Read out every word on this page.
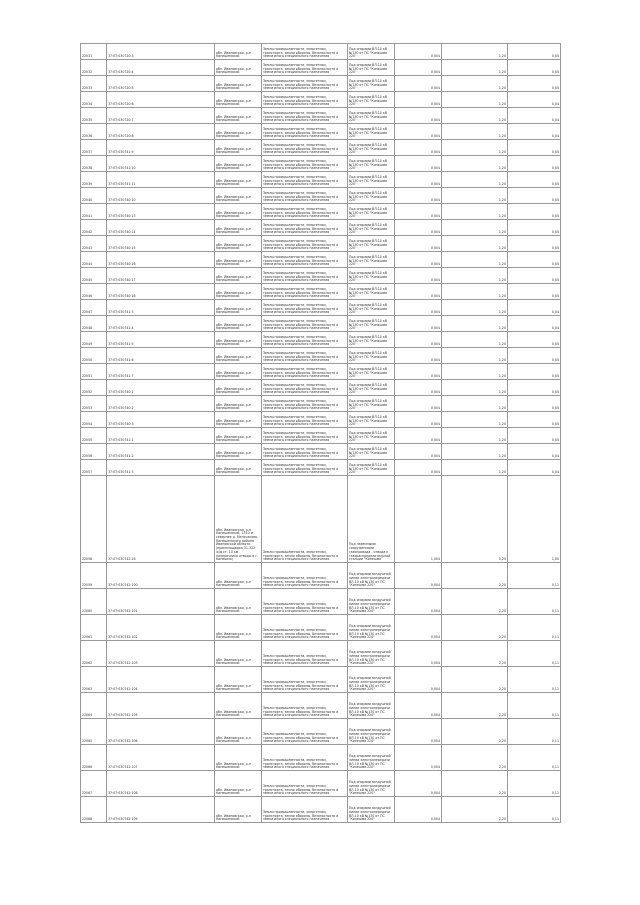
22031	37:07:030720:3	обл. Ивановская, р-н Кинешемский	Земли промышленности, энергетики, транспорта, земли обороны, безопасности и земли иного специального назначения	Под опорами ВЛ-10 кВ №130 от ПС "Кинешма 220"	0,004	1,20	0,05

22032	37:07:030720:4	обл. Ивановская, р-н Кинешемский	Земли промышленности, энергетики, транспорта, земли обороны, безопасности и земли иного специального назначения	Под опорами ВЛ-10 кВ №130 от ПС "Кинешма 220"	0,004	1,20	0,05

22033	37:07:030720:5	обл. Ивановская, р-н Кинешемский	Земли промышленности, энергетики, транспорта, земли обороны, безопасности и земли иного специального назначения	Под опорами ВЛ-10 кВ №130 от ПС "Кинешма 220"	0,004	1,20	0,05

22034	37:07:030720:6	обл. Ивановская, р-н Кинешемский	Земли промышленности, энергетики, транспорта, земли обороны, безопасности и земли иного специального назначения	Под опорами ВЛ-10 кВ №130 от ПС "Кинешма 220"	0,004	1,20	0,04

22035	37:07:030720:7	обл. Ивановская, р-н Кинешемский	Земли промышленности, энергетики, транспорта, земли обороны, безопасности и земли иного специального назначения	Под опорами ВЛ-10 кВ №130 от ПС "Кинешма 220"	0,004	1,20	0,04

22036	37:07:030720:8	обл. Ивановская, р-н Кинешемский	Земли промышленности, энергетики, транспорта, земли обороны, безопасности и земли иного специального назначения	Под опорами ВЛ-10 кВ №130 от ПС "Кинешма 220"	0,004	1,20	0,04

22037	37:07:030741:9	обл. Ивановская, р-н Кинешемский	Земли промышленности, энергетики, транспорта, земли обороны, безопасности и земли иного специального назначения	Под опорами ВЛ-10 кВ №130 от ПС "Кинешма 220"	0,004	1,20	0,05

22038	37:07:030741:10	обл. Ивановская, р-н Кинешемский	Земли промышленности, энергетики, транспорта, земли обороны, безопасности и земли иного специального назначения	Под опорами ВЛ-10 кВ №130 от ПС "Кинешма 220"	0,004	1,20	0,05

22039	37:07:030741:11	обл. Ивановская, р-н Кинешемский	Земли промышленности, энергетики, транспорта, земли обороны, безопасности и земли иного специального назначения	Под опорами ВЛ-10 кВ №130 от ПС "Кинешма 220"	0,004	1,20	0,05

22040	37:07:030740:10	обл. Ивановская, р-н Кинешемский	Земли промышленности, энергетики, транспорта, земли обороны, безопасности и земли иного специального назначения	Под опорами ВЛ-10 кВ №130 от ПС "Кинешма 220"	0,004	1,20	0,05

22041	37:07:030740:13	обл. Ивановская, р-н Кинешемский	Земли промышленности, энергетики, транспорта, земли обороны, безопасности и земли иного специального назначения	Под опорами ВЛ-10 кВ №130 от ПС "Кинешма 220"	0,004	1,20	0,05

22042	37:07:030740:14	обл. Ивановская, р-н Кинешемский	Земли промышленности, энергетики, транспорта, земли обороны, безопасности и земли иного специального назначения	Под опорами ВЛ-10 кВ №130 от ПС "Кинешма 220"	0,004	1,20	0,05

22043	37:07:030740:15	обл. Ивановская, р-н Кинешемский	Земли промышленности, энергетики, транспорта, земли обороны, безопасности и земли иного специального назначения	Под опорами ВЛ-10 кВ №130 от ПС "Кинешма 220"	0,004	1,20	0,05

22044	37:07:030740:16	обл. Ивановская, р-н Кинешемский	Земли промышленности, энергетики, транспорта, земли обороны, безопасности и земли иного специального назначения	Под опорами ВЛ-10 кВ №130 от ПС "Кинешма 220"	0,004	1,20	0,05

22045	37:07:030740:17	обл. Ивановская, р-н Кинешемский	Земли промышленности, энергетики, транспорта, земли обороны, безопасности и земли иного специального назначения	Под опорами ВЛ-10 кВ №130 от ПС "Кинешма 220"	0,004	1,20	0,05

22046	37:07:030740:18	обл. Ивановская, р-н Кинешемский	Земли промышленности, энергетики, транспорта, земли обороны, безопасности и земли иного специального назначения	Под опорами ВЛ-10 кВ №130 от ПС "Кинешма 220"	0,004	1,20	0,05

22047	37:07:030741:3	обл. Ивановская, р-н Кинешемский	Земли промышленности, энергетики, транспорта, земли обороны, безопасности и земли иного специального назначения	Под опорами ВЛ-10 кВ №130 от ПС "Кинешма 220"	0,004	1,20	0,04

22048	37:07:030741:4	обл. Ивановская, р-н Кинешемский	Земли промышленности, энергетики, транспорта, земли обороны, безопасности и земли иного специального назначения	Под опорами ВЛ-10 кВ №130 от ПС "Кинешма 220"	0,004	1,20	0,04

22049	37:07:030741:5	обл. Ивановская, р-н Кинешемский	Земли промышленности, энергетики, транспорта, земли обороны, безопасности и земли иного специального назначения	Под опорами ВЛ-10 кВ №130 от ПС "Кинешма 220"	0,004	1,20	0,05

22050	37:07:030741:6	обл. Ивановская, р-н Кинешемский	Земли промышленности, энергетики, транспорта, земли обороны, безопасности и земли иного специального назначения	Под опорами ВЛ-10 кВ №130 от ПС "Кинешма 220"	0,004	1,20	0,05

22051	37:07:030741:7	обл. Ивановская, р-н Кинешемский	Земли промышленности, энергетики, транспорта, земли обороны, безопасности и земли иного специального назначения	Под опорами ВЛ-10 кВ №130 от ПС "Кинешма 220"	0,004	1,20	0,05

22052	37:07:030740:1	обл. Ивановская, р-н Кинешемский	Земли промышленности, энергетики, транспорта, земли обороны, безопасности и земли иного специального назначения	Под опорами ВЛ-10 кВ №130 от ПС "Кинешма 220"	0,004	1,20	0,05

22053	37:07:030740:2	обл. Ивановская, р-н Кинешемский	Земли промышленности, энергетики, транспорта, земли обороны, безопасности и земли иного специального назначения	Под опорами ВЛ-10 кВ №130 от ПС "Кинешма 220"	0,004	1,20	0,05

22054	37:07:030740:3	обл. Ивановская, р-н Кинешемский	Земли промышленности, энергетики, транспорта, земли обороны, безопасности и земли иного специального назначения	Под опорами ВЛ-10 кВ №130 от ПС "Кинешма 220"	0,004	1,20	0,05

22055	37:07:030741:1	обл. Ивановская, р-н Кинешемский	Земли промышленности, энергетики, транспорта, земли обороны, безопасности и земли иного специального назначения	Под опорами ВЛ-10 кВ №130 от ПС "Кинешма 220"	0,004	1,20	0,05

22056	37:07:030741:2	обл. Ивановская, р-н Кинешемский	Земли промышленности, энергетики, транспорта, земли обороны, безопасности и земли иного специального назначения	Под опорами ВЛ-10 кВ №130 от ПС "Кинешма 220"	0,004	1,20	0,04

22057	37:07:030741:3	обл. Ивановская, р-н Кинешемский	Земли промышленности, энергетики, транспорта, земли обороны, безопасности и земли иного специального назначения	Под опорами ВЛ-10 кВ №130 от ПС "Кинешма 220"	0,004	1,20	0,04

22058	37:07:030742:16	обл. Ивановская, р-н Кинешемский, 1310 м севернее д. Мельчаково, Кинешемского района Ивановской области (промплощадка 31-322 ж/д ст. 10 км поперечника отводы в г. Кинешма)	Земли промышленности, энергетики, транспорта, земли обороны, безопасности и земли иного специального назначения	Под наземными сооружениями газопровода - отвода к газораспределительной станции "Кинешма"	1,004	0,25	1,00

22059	37:07:030742:100	обл. Ивановская, р-н Кинешемский	Земли промышленности, энергетики, транспорта, земли обороны, безопасности и земли иного специального назначения	Под опорами воздушной линии электропередачи ВЛ-10 кВ №130 от ПС "Кинешма 220"	0,004	2,20	0,11

22060	37:07:030742:101	обл. Ивановская, р-н Кинешемский	Земли промышленности, энергетики, транспорта, земли обороны, безопасности и земли иного специального назначения	Под опорами воздушной линии электропередачи ВЛ-10 кВ №130 от ПС "Кинешма 220"	0,004	2,20	0,11

22061	37:07:030742:102	обл. Ивановская, р-н Кинешемский	Земли промышленности, энергетики, транспорта, земли обороны, безопасности и земли иного специального назначения	Под опорами воздушной линии электропередачи ВЛ-10 кВ №130 от ПС "Кинешма 220"	0,004	2,20	0,11

22062	37:07:030742:103	обл. Ивановская, р-н Кинешемский	Земли промышленности, энергетики, транспорта, земли обороны, безопасности и земли иного специального назначения	Под опорами воздушной линии электропередачи ВЛ-10 кВ №130 от ПС "Кинешма 220"	0,004	2,20	0,11

22063	37:07:030742:104	обл. Ивановская, р-н Кинешемский	Земли промышленности, энергетики, транспорта, земли обороны, безопасности и земли иного специального назначения	Под опорами воздушной линии электропередачи ВЛ-10 кВ №130 от ПС "Кинешма 220"	0,004	2,20	0,11

22064	37:07:030742:105	обл. Ивановская, р-н Кинешемский	Земли промышленности, энергетики, транспорта, земли обороны, безопасности и земли иного специального назначения	Под опорами воздушной линии электропередачи ВЛ-10 кВ №130 от ПС "Кинешма 220"	0,004	2,20	0,11

22065	37:07:030742:106	обл. Ивановская, р-н Кинешемский	Земли промышленности, энергетики, транспорта, земли обороны, безопасности и земли иного специального назначения	Под опорами воздушной линии электропередачи ВЛ-10 кВ №130 от ПС "Кинешма 220"	0,004	2,20	0,11

22066	37:07:030742:107	обл. Ивановская, р-н Кинешемский	Земли промышленности, энергетики, транспорта, земли обороны, безопасности и земли иного специального назначения	Под опорами воздушной линии электропередачи ВЛ-10 кВ №130 от ПС "Кинешма 220"	0,004	2,20	0,11

22067	37:07:030742:108	обл. Ивановская, р-н Кинешемский	Земли промышленности, энергетики, транспорта, земли обороны, безопасности и земли иного специального назначения	Под опорами воздушной линии электропередачи ВЛ-10 кВ №130 от ПС "Кинешма 220"	0,004	2,20	0,11

22068	37:07:030742:109	обл. Ивановская, р-н Кинешемский	Земли промышленности, энергетики, транспорта, земли обороны, безопасности и земли иного специального назначения	Под опорами воздушной линии электропередачи ВЛ-10 кВ №130 от ПС "Кинешма 220"	0,004	2,20	0,11
